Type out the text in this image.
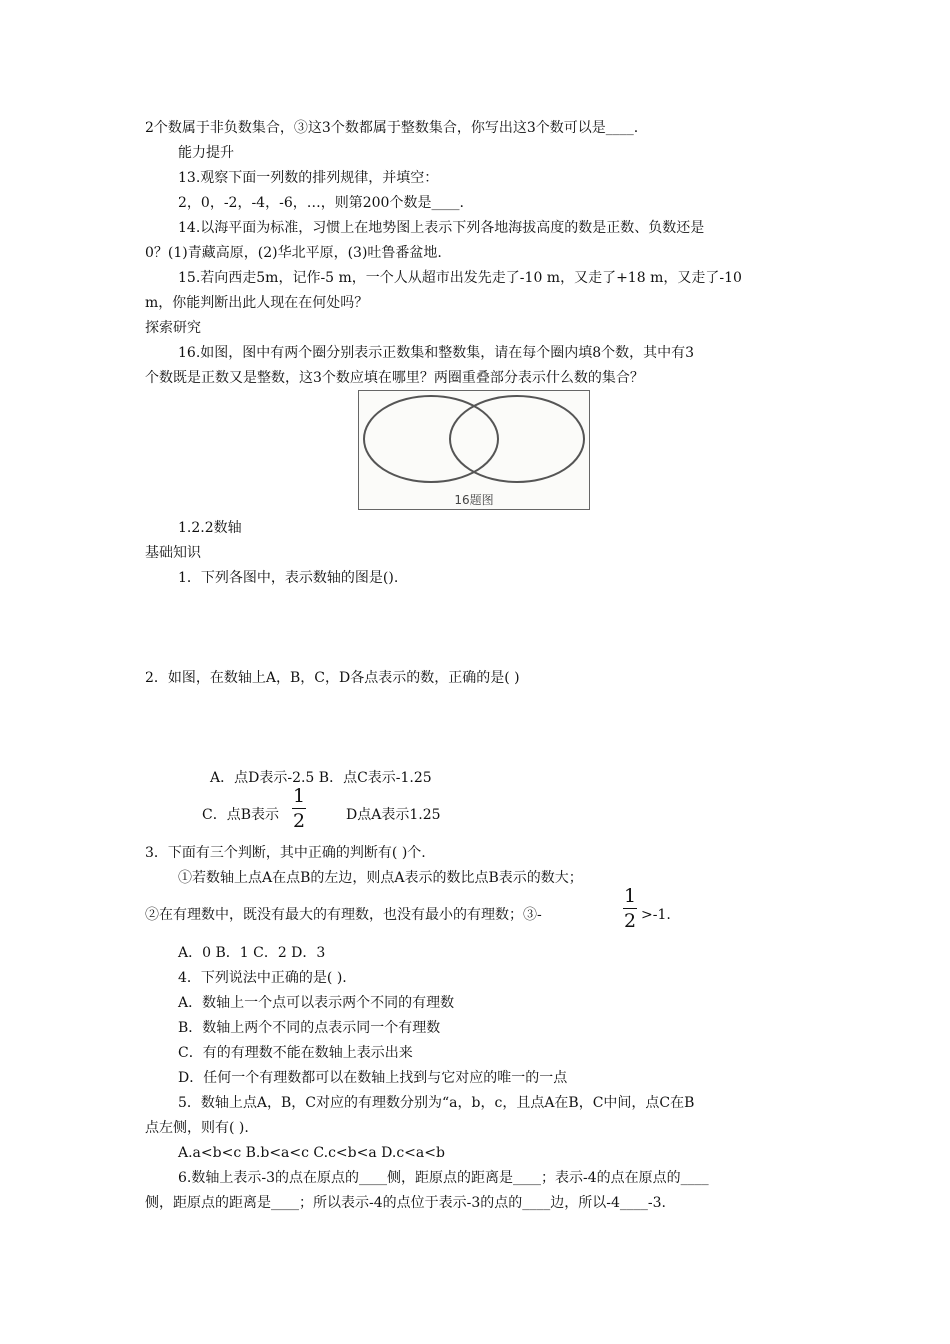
2个数属于非负数集合，③这3个数都属于整数集合，你写出这3个数可以是____.
能力提升
13.观察下面一列数的排列规律，并填空：
2，0，-2，-4，-6，…，则第200个数是____.
14.以海平面为标准，习惯上在地势图上表示下列各地海拔高度的数是正数、负数还是
0？(1)青藏高原，(2)华北平原，(3)吐鲁番盆地.
15.若向西走5m，记作-5 m，一个人从超市出发先走了-10 m，又走了+18 m，又走了-10
m，你能判断出此人现在在何处吗？
探索研究
16.如图，图中有两个圈分别表示正数集和整数集，请在每个圈内填8个数，其中有3
个数既是正数又是整数，这3个数应填在哪里？两圈重叠部分表示什么数的集合？
16题图
1.2.2数轴
基础知识
1．下列各图中，表示数轴的图是().
2．如图，在数轴上A，B，C，D各点表示的数，正确的是( )
A．点D表示-2.5 B．点C表示-1.25
C．点B表示
1
2	D点A表示1.25
3．下面有三个判断，其中正确的判断有( )个.
①若数轴上点A在点B的左边，则点A表示的数比点B表示的数大；
②在有理数中，既没有最大的有理数，也没有最小的有理数；③-
1
2 >-1.
A．0 B．1 C．2 D．3
4．下列说法中正确的是( ).
A．数轴上一个点可以表示两个不同的有理数
B．数轴上两个不同的点表示同一个有理数
C．有的有理数不能在数轴上表示出来
D．任何一个有理数都可以在数轴上找到与它对应的唯一的一点
5．数轴上点A，B，C对应的有理数分别为“a，b，c，且点A在B，C中间，点C在B
点左侧，则有( ).
A.a<b<c B.b<a<c C.c<b<a D.c<a<b
6.数轴上表示-3的点在原点的____侧，距原点的距离是____；表示-4的点在原点的____
侧，距原点的距离是____；所以表示-4的点位于表示-3的点的____边，所以-4____-3.
